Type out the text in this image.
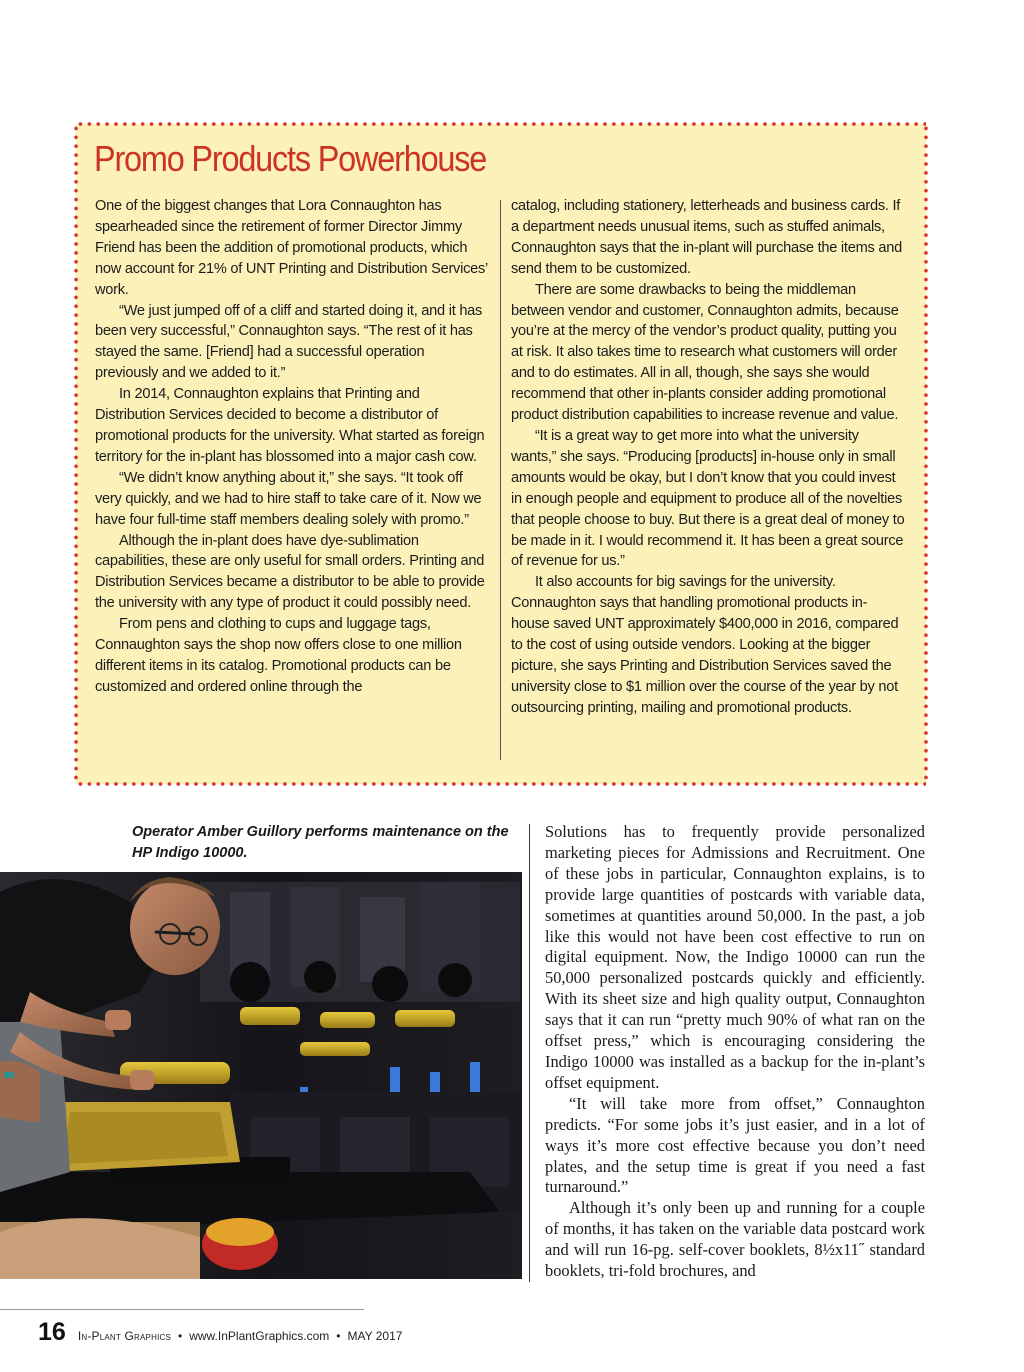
Promo Products Powerhouse

One of the biggest changes that Lora Connaughton has spearheaded since the retirement of former Director Jimmy Friend has been the addition of promotional products, which now account for 21% of UNT Printing and Distribution Services’ work.

“We just jumped off of a cliff and started doing it, and it has been very successful,” Connaughton says. “The rest of it has stayed the same. [Friend] had a successful operation previously and we added to it.”

In 2014, Connaughton explains that Printing and Distribution Services decided to become a distributor of promotional products for the university. What started as foreign territory for the in-plant has blossomed into a major cash cow.

“We didn’t know anything about it,” she says. “It took off very quickly, and we had to hire staff to take care of it. Now we have four full-time staff members dealing solely with promo.”

Although the in-plant does have dye-sublimation capabilities, these are only useful for small orders. Printing and Distribution Services became a distributor to be able to provide the university with any type of product it could possibly need.

From pens and clothing to cups and luggage tags, Connaughton says the shop now offers close to one million different items in its catalog. Promotional products can be customized and ordered online through the

catalog, including stationery, letterheads and business cards. If a department needs unusual items, such as stuffed animals, Connaughton says that the in-plant will purchase the items and send them to be customized.

There are some drawbacks to being the middleman between vendor and customer, Connaughton admits, because you’re at the mercy of the vendor’s product quality, putting you at risk. It also takes time to research what customers will order and to do estimates. All in all, though, she says she would recommend that other in-plants consider adding promotional product distribution capabilities to increase revenue and value.

“It is a great way to get more into what the university wants,” she says. “Producing [products] in-house only in small amounts would be okay, but I don’t know that you could invest in enough people and equipment to produce all of the novelties that people choose to buy. But there is a great deal of money to be made in it. I would recommend it. It has been a great source of revenue for us.”

It also accounts for big savings for the university. Connaughton says that handling promotional products in-house saved UNT approximately $400,000 in 2016, compared to the cost of using outside vendors. Looking at the bigger picture, she says Printing and Distribution Services saved the university close to $1 million over the course of the year by not outsourcing printing, mailing and promotional products.

Operator Amber Guillory performs maintenance on the HP Indigo 10000.

Solutions has to frequently provide personalized marketing pieces for Admissions and Recruitment. One of these jobs in particular, Connaughton explains, is to provide large quantities of postcards with variable data, sometimes at quantities around 50,000. In the past, a job like this would not have been cost effective to run on digital equipment. Now, the Indigo 10000 can run the 50,000 personalized postcards quickly and efficiently. With its sheet size and high quality output, Connaughton says that it can run “pretty much 90% of what ran on the offset press,” which is encouraging considering the Indigo 10000 was installed as a backup for the in-plant’s offset equipment.

“It will take more from offset,” Connaughton predicts. “For some jobs it’s just easier, and in a lot of ways it’s more cost effective because you don’t need plates, and the setup time is great if you need a fast turnaround.”

Although it’s only been up and running for a couple of months, it has taken on the variable data postcard work and will run 16-pg. self-cover booklets, 8½x11˝ standard booklets, tri-fold brochures, and

16 In-Plant Graphics • www.InPlantGraphics.com • MAY 2017
